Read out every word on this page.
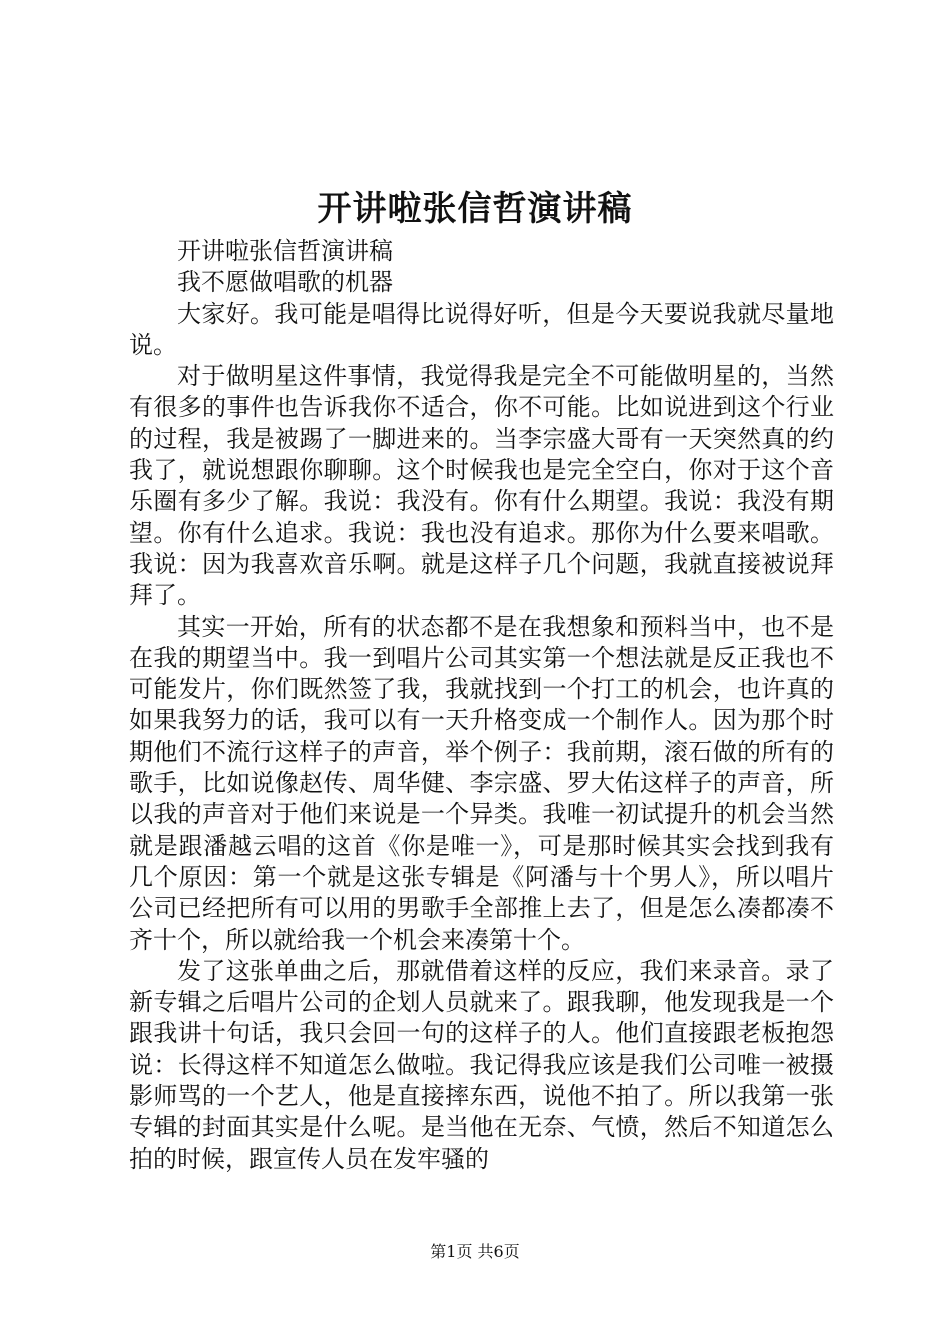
开讲啦张信哲演讲稿

开讲啦张信哲演讲稿

我不愿做唱歌的机器

大家好。我可能是唱得比说得好听，但是今天要说我就尽量地说。

对于做明星这件事情，我觉得我是完全不可能做明星的，当然有很多的事件也告诉我你不适合，你不可能。比如说进到这个行业的过程，我是被踢了一脚进来的。当李宗盛大哥有一天突然真的约我了，就说想跟你聊聊。这个时候我也是完全空白，你对于这个音乐圈有多少了解。我说：我没有。你有什么期望。我说：我没有期望。你有什么追求。我说：我也没有追求。那你为什么要来唱歌。我说：因为我喜欢音乐啊。就是这样子几个问题，我就直接被说拜拜了。

其实一开始，所有的状态都不是在我想象和预料当中，也不是在我的期望当中。我一到唱片公司其实第一个想法就是反正我也不可能发片，你们既然签了我，我就找到一个打工的机会，也许真的如果我努力的话，我可以有一天升格变成一个制作人。因为那个时期他们不流行这样子的声音，举个例子：我前期，滚石做的所有的歌手，比如说像赵传、周华健、李宗盛、罗大佑这样子的声音，所以我的声音对于他们来说是一个异类。我唯一初试提升的机会当然就是跟潘越云唱的这首《你是唯一》，可是那时候其实会找到我有几个原因：第一个就是这张专辑是《阿潘与十个男人》，所以唱片公司已经把所有可以用的男歌手全部推上去了，但是怎么凑都凑不齐十个，所以就给我一个机会来凑第十个。

发了这张单曲之后，那就借着这样的反应，我们来录音。录了新专辑之后唱片公司的企划人员就来了。跟我聊，他发现我是一个跟我讲十句话，我只会回一句的这样子的人。他们直接跟老板抱怨说：长得这样不知道怎么做啦。我记得我应该是我们公司唯一被摄影师骂的一个艺人，他是直接摔东西，说他不拍了。所以我第一张专辑的封面其实是什么呢。是当他在无奈、气愤，然后不知道怎么拍的时候，跟宣传人员在发牢骚的

第1页 共6页
